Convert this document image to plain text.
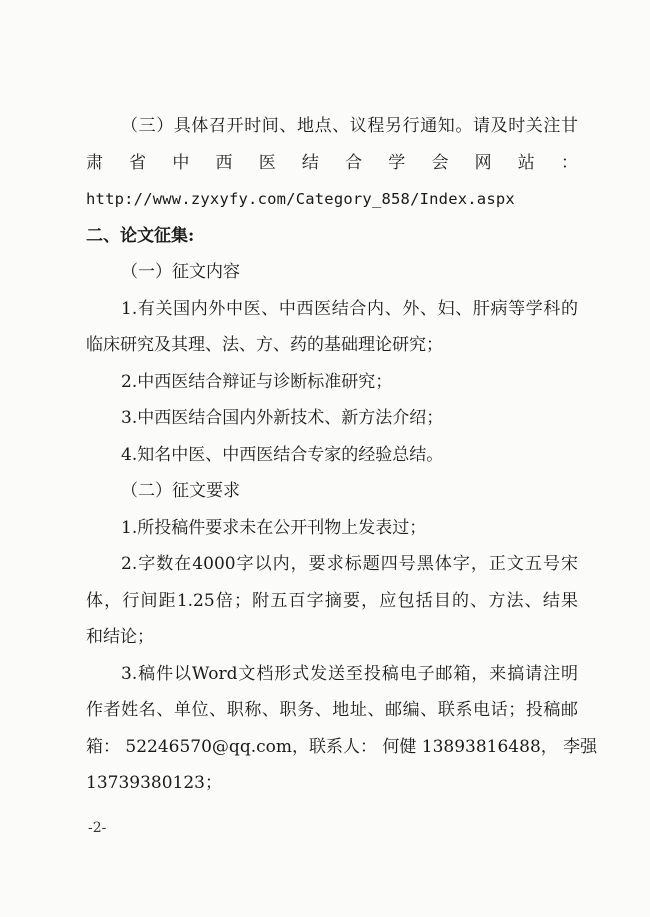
（三）具体召开时间、地点、议程另行通知。请及时关注甘
肃 省 中 西 医 结 合 学 会 网 站 ：
http://www.zyxyfy.com/Category_858/Index.aspx
二、论文征集:
（一）征文内容
1.有关国内外中医、中西医结合内、外、妇、肝病等学科的
临床研究及其理、法、方、药的基础理论研究；
2.中西医结合辩证与诊断标准研究；
3.中西医结合国内外新技术、新方法介绍；
4.知名中医、中西医结合专家的经验总结。
（二）征文要求
1.所投稿件要求未在公开刊物上发表过；
2.字数在4000字以内，要求标题四号黑体字，正文五号宋
体，行间距1.25倍；附五百字摘要，应包括目的、方法、结果
和结论；
3.稿件以Word文档形式发送至投稿电子邮箱，来搞请注明
作者姓名、单位、职称、职务、地址、邮编、联系电话；投稿邮
箱： 52246570@qq.com，联系人： 何健 13893816488， 李强
13739380123；
-2-
